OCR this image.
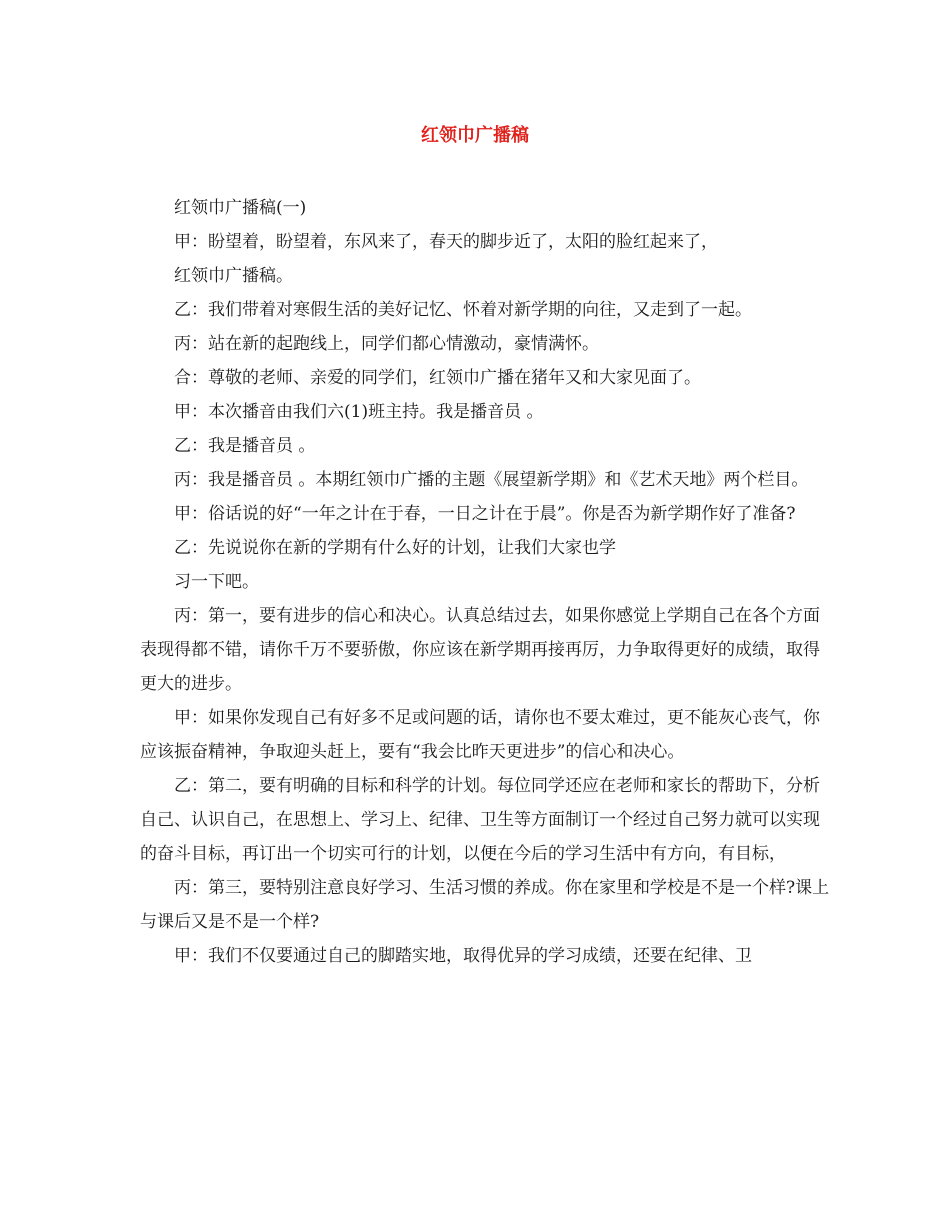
红领巾广播稿

红领巾广播稿(一)

甲：盼望着，盼望着，东风来了，春天的脚步近了，太阳的脸红起来了，

红领巾广播稿。

乙：我们带着对寒假生活的美好记忆、怀着对新学期的向往，又走到了一起。

丙：站在新的起跑线上，同学们都心情激动，豪情满怀。

合：尊敬的老师、亲爱的同学们，红领巾广播在猪年又和大家见面了。

甲：本次播音由我们六(1)班主持。我是播音员 。

乙：我是播音员 。

丙：我是播音员 。本期红领巾广播的主题《展望新学期》和《艺术天地》两个栏目。

甲：俗话说的好“一年之计在于春，一日之计在于晨”。你是否为新学期作好了准备?

乙：先说说你在新的学期有什么好的计划，让我们大家也学

习一下吧。

丙：第一，要有进步的信心和决心。认真总结过去，如果你感觉上学期自己在各个方面表现得都不错，请你千万不要骄傲，你应该在新学期再接再厉，力争取得更好的成绩，取得更大的进步。

甲：如果你发现自己有好多不足或问题的话，请你也不要太难过，更不能灰心丧气，你应该振奋精神，争取迎头赶上，要有“我会比昨天更进步”的信心和决心。

乙：第二，要有明确的目标和科学的计划。每位同学还应在老师和家长的帮助下，分析自己、认识自己，在思想上、学习上、纪律、卫生等方面制订一个经过自己努力就可以实现的奋斗目标，再订出一个切实可行的计划，以便在今后的学习生活中有方向，有目标，

丙：第三，要特别注意良好学习、生活习惯的养成。你在家里和学校是不是一个样?课上与课后又是不是一个样?

甲：我们不仅要通过自己的脚踏实地，取得优异的学习成绩，还要在纪律、卫
